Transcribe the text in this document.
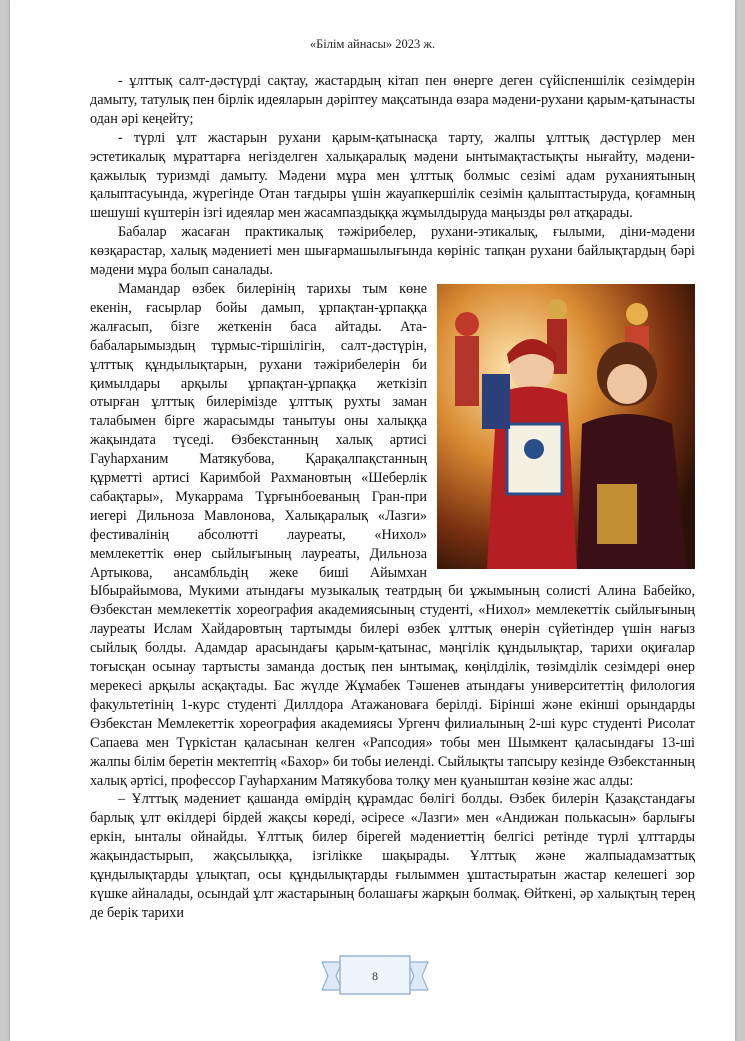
«Білім айнасы» 2023 ж.

- ұлттық салт-дәстүрді сақтау, жастардың кітап пен өнерге деген сүйіспеншілік сезімдерін дамыту, татулық пен бірлік идеяларын дәріптеу мақсатында өзара мәдени-рухани қарым-қатынасты одан әрі кеңейту;

- түрлі ұлт жастарын рухани қарым-қатынасқа тарту, жалпы ұлттық дәстүрлер мен эстетикалық мұраттарға негізделген халықаралық мәдени ынтымақтастықты нығайту, мәдени-қажылық туризмді дамыту. Мәдени мұра мен ұлттық болмыс сезімі адам руханиятының қалыптасуында, жүрегінде Отан тағдыры үшін жауапкершілік сезімін қалыптастыруда, қоғамның шешуші күштерін ізгі идеялар мен жасампаздыққа жұмылдыруда маңызды рөл атқарады.

Бабалар жасаған практикалық тәжірибелер, рухани-этикалық, ғылыми, діни-мәдени көзқарастар, халық мәдениеті мен шығармашылығында көрініс тапқан рухани байлықтардың бәрі мәдени мұра болып саналады.

Мамандар өзбек билерінің тарихы тым көне екенін, ғасырлар бойы дамып, ұрпақтан-ұрпаққа жалғасып, бізге жеткенін баса айтады. Ата-бабаларымыздың тұрмыс-тіршілігін, салт-дәстүрін, ұлттық құндылықтарын, рухани тәжірибелерін би қимылдары арқылы ұрпақтан-ұрпаққа жеткізіп отырған ұлттық билерімізде ұлттық рухты заман талабымен бірге жарасымды танытуы оны халыққа жақындата түседі. Өзбекстанның халық артисі Гауһарханим Матякубова, Қарақалпақстанның құрметті артисі Каримбой Рахмановтың «Шеберлік сабақтары», Мукаррама Тұрғынбоеваның Гран-при иегері Дильноза Мавлонова, Халықаралық «Лазги» фестивалінің абсолютті лауреаты, «Нихол» мемлекеттік өнер сыйлығының лауреаты, Дильноза Артыкова, ансамбльдің жеке биші Айымхан Ыбырайымова, Мукими атындағы музыкалық театрдың би ұжымының солисті Алина Бабейко, Өзбекстан мемлекеттік хореография академиясының студенті, «Нихол» мемлекеттік сыйлығының лауреаты Ислам Хайдаровтың тартымды билері өзбек ұлттық өнерін сүйетіндер үшін нағыз сыйлық болды. Адамдар арасындағы қарым-қатынас, мәңгілік құндылықтар, тарихи оқиғалар тоғысқан осынау тартысты заманда достық пен ынтымақ, көңілділік, төзімділік сезімдері өнер мерекесі арқылы асқақтады. Бас жүлде Жұмабек Тәшенев атындағы университеттің филология факультетінің 1-курс студенті Диллдора Атажановаға берілді. Бірінші және екінші орындарды Өзбекстан Мемлекеттік хореография академиясы Ургенч филиалының 2-ші курс студенті Рисолат Сапаева мен Түркістан қаласынан келген «Рапсодия» тобы мен Шымкент қаласындағы 13-ші жалпы білім беретін мектептің «Бахор» би тобы иеленді. Сыйлықты тапсыру кезінде Өзбекстанның халық әртісі, профессор Гауһарханим Матякубова толқу мен қуаныштан көзіне жас алды:

– Ұлттық мәдениет қашанда өмірдің құрамдас бөлігі болды. Өзбек билерін Қазақстандағы барлық ұлт өкілдері бірдей жақсы көреді, әсіресе «Лазги» мен «Андижан полькасын» барлығы еркін, ынталы ойнайды. Ұлттық билер бірегей мәдениеттің белгісі ретінде түрлі ұлттарды жақындастырып, жақсылыққа, ізгілікке шақырады. Ұлттық және жалпыадамзаттық құндылықтарды ұлықтап, осы құндылықтарды ғылыммен ұштастыратын жастар келешегі зор күшке айналады, осындай ұлт жастарының болашағы жарқын болмақ. Өйткені, әр халықтың терең де берік тарихи

8
